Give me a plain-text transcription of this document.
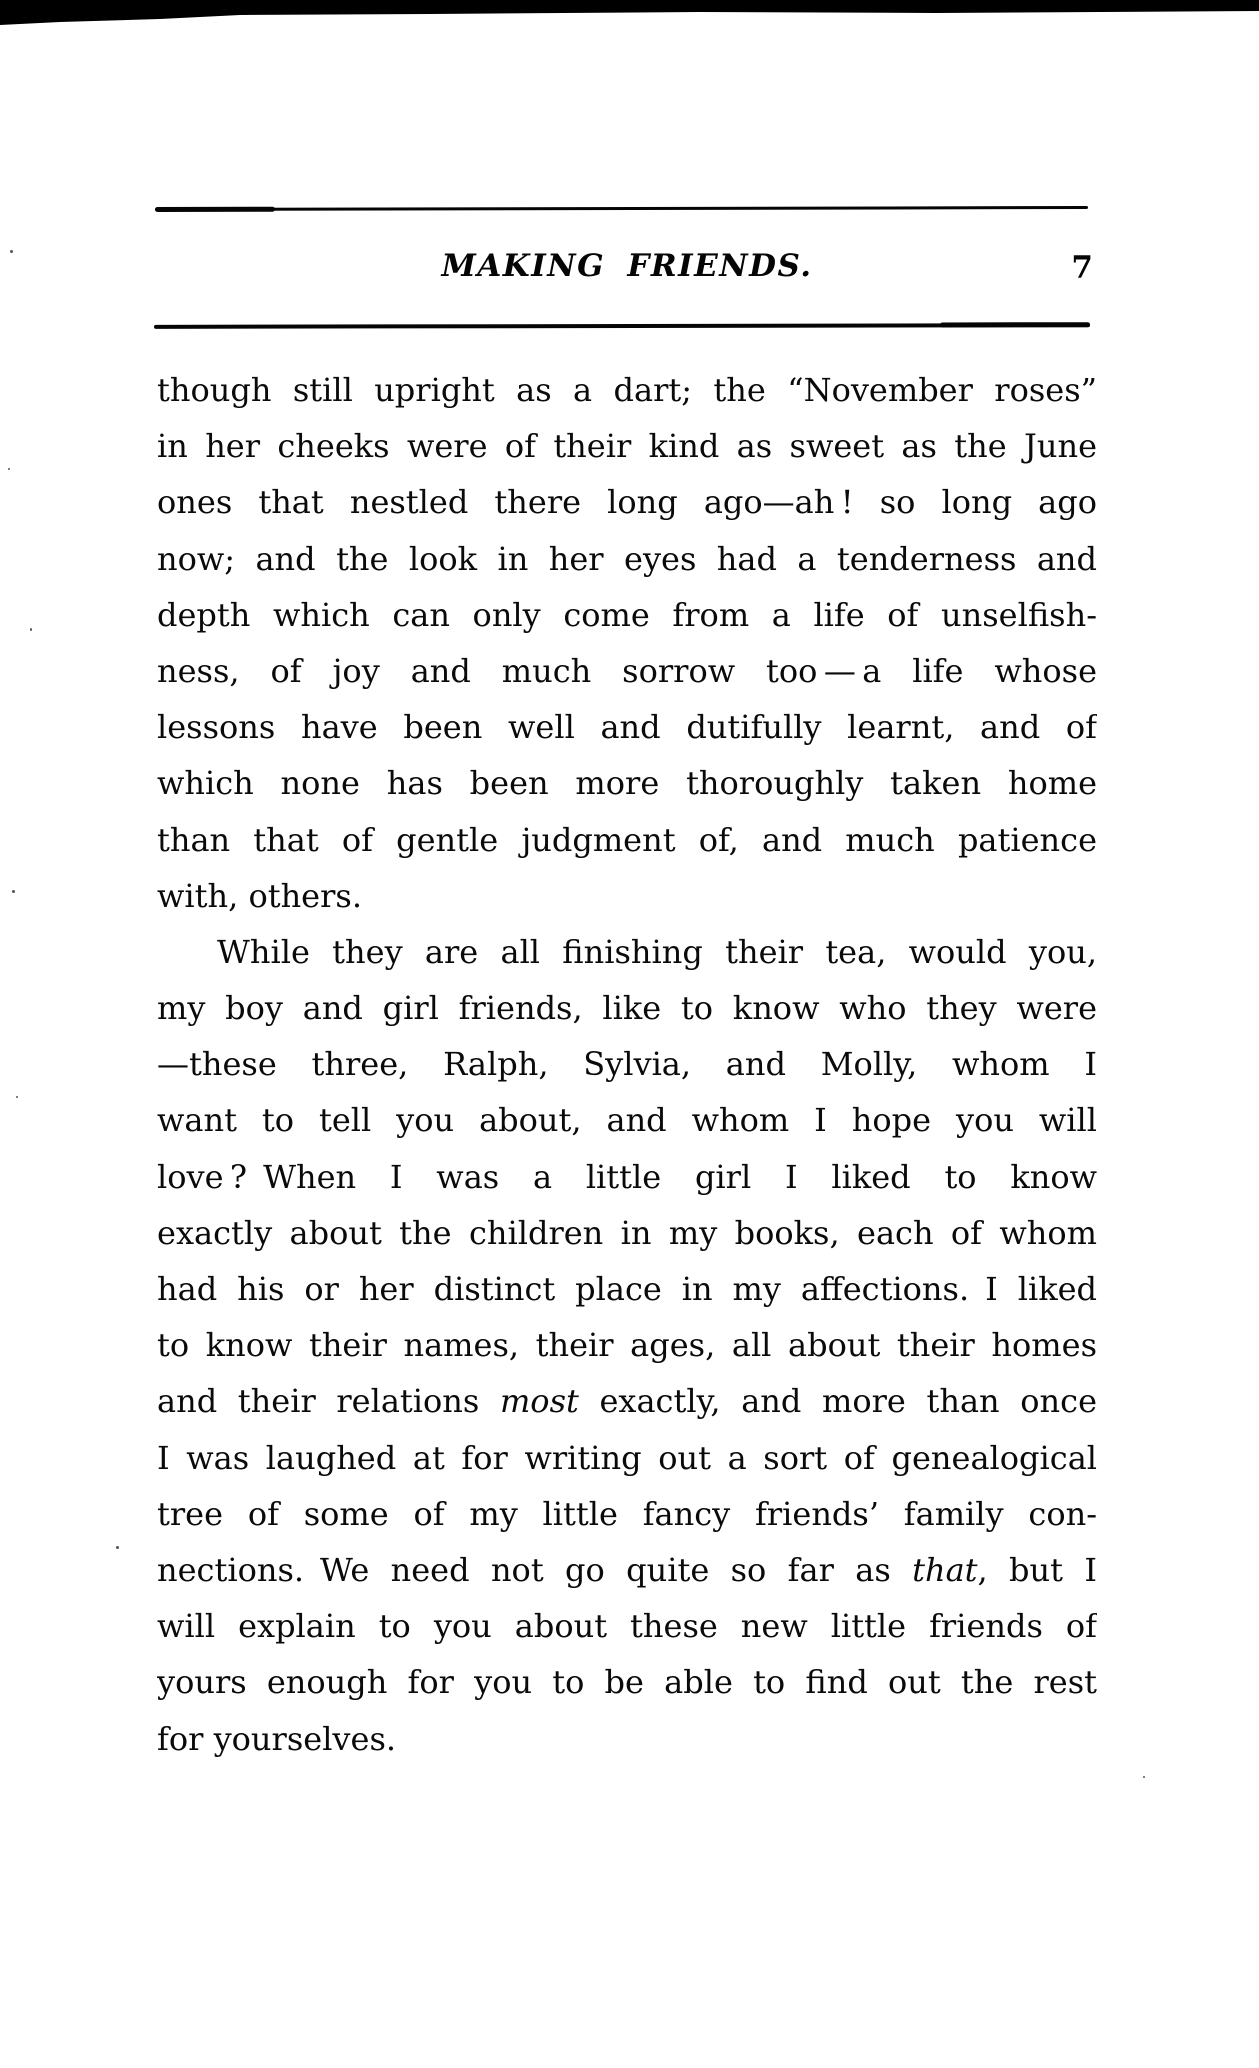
MAKING FRIENDS.	7
though still upright as a dart; the “November roses”
in her cheeks were of their kind as sweet as the June
ones that nestled there long ago—ah ! so long ago
now; and the look in her eyes had a tenderness and
depth which can only come from a life of unselfish-
ness, of joy and much sorrow too — a life whose
lessons have been well and dutifully learnt, and of
which none has been more thoroughly taken home
than that of gentle judgment of, and much patience
with, others.
While they are all finishing their tea, would you,
my boy and girl friends, like to know who they were
—these three, Ralph, Sylvia, and Molly, whom I
want to tell you about, and whom I hope you will
love ? When I was a little girl I liked to know
exactly about the children in my books, each of whom
had his or her distinct place in my affections. I liked
to know their names, their ages, all about their homes
and their relations most exactly, and more than once
I was laughed at for writing out a sort of genealogical
tree of some of my little fancy friends’ family con-
nections. We need not go quite so far as that, but I
will explain to you about these new little friends of
yours enough for you to be able to find out the rest
for yourselves.
